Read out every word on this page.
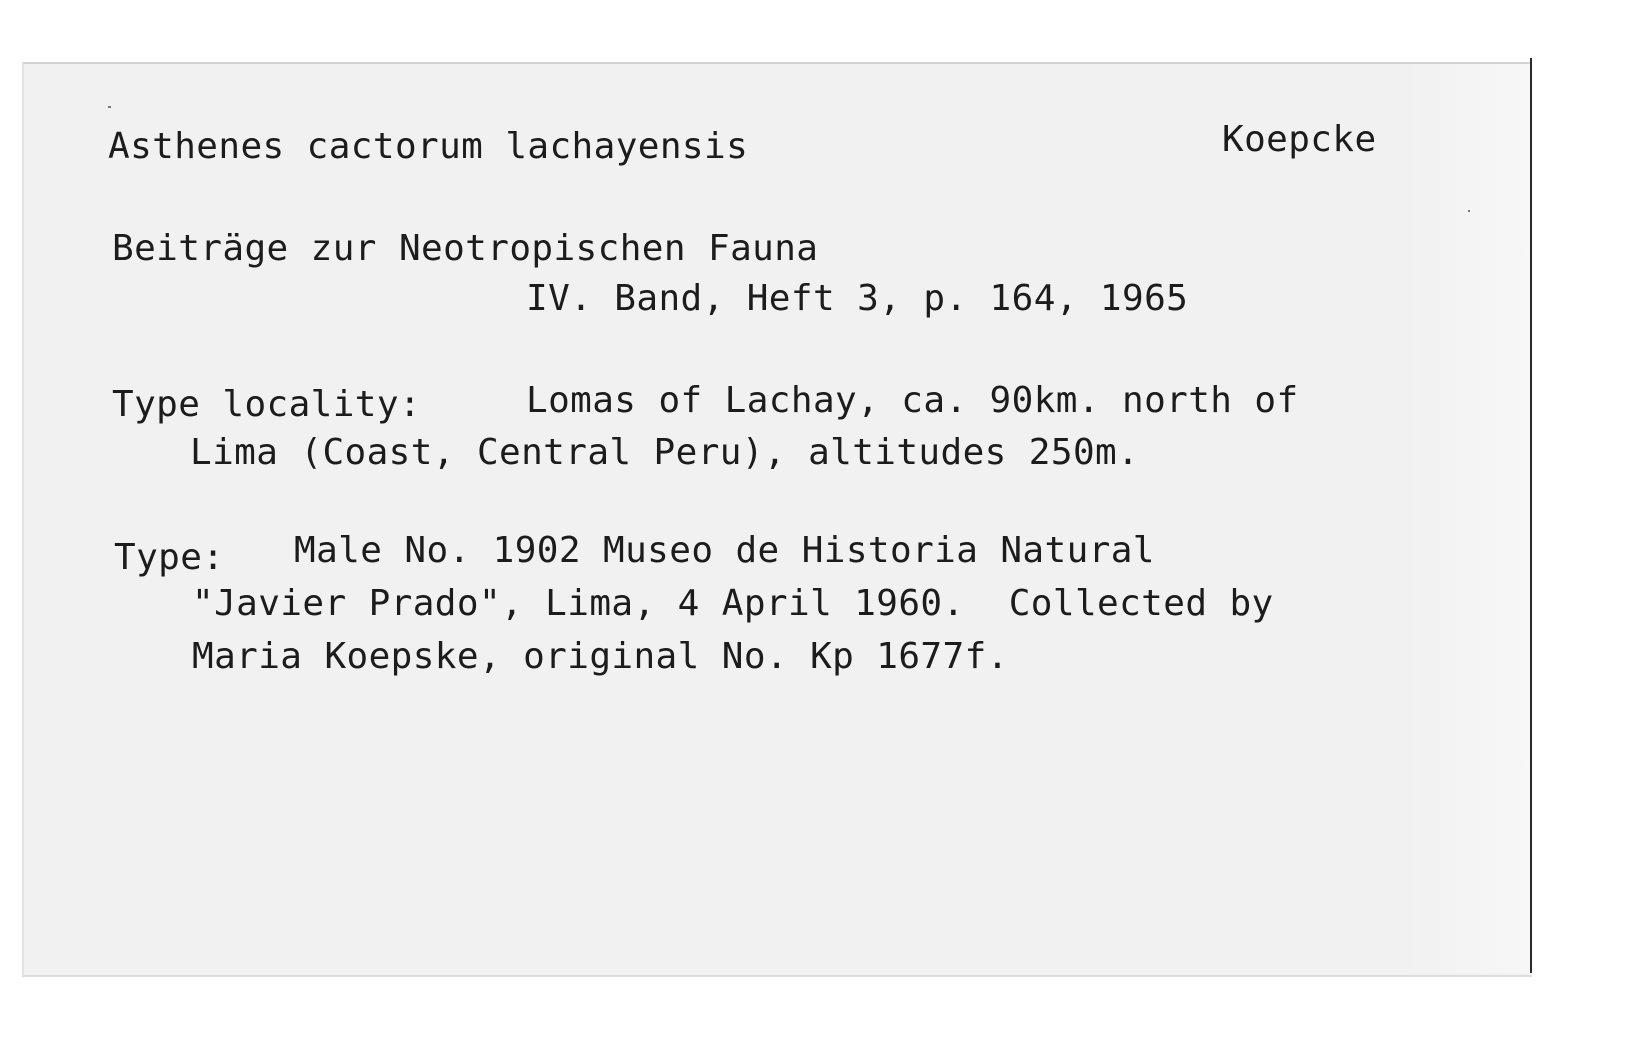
Asthenes cactorum lachayensis	Koepcke
Beiträge zur Neotropischen Fauna
IV. Band, Heft 3, p. 164, 1965
Type locality:	Lomas of Lachay, ca. 90km. north of
Lima (Coast, Central Peru), altitudes 250m.
Type: Male No. 1902 Museo de Historia Natural
"Javier Prado", Lima, 4 April 1960.  Collected by
Maria Koepske, original No. Kp 1677f.
